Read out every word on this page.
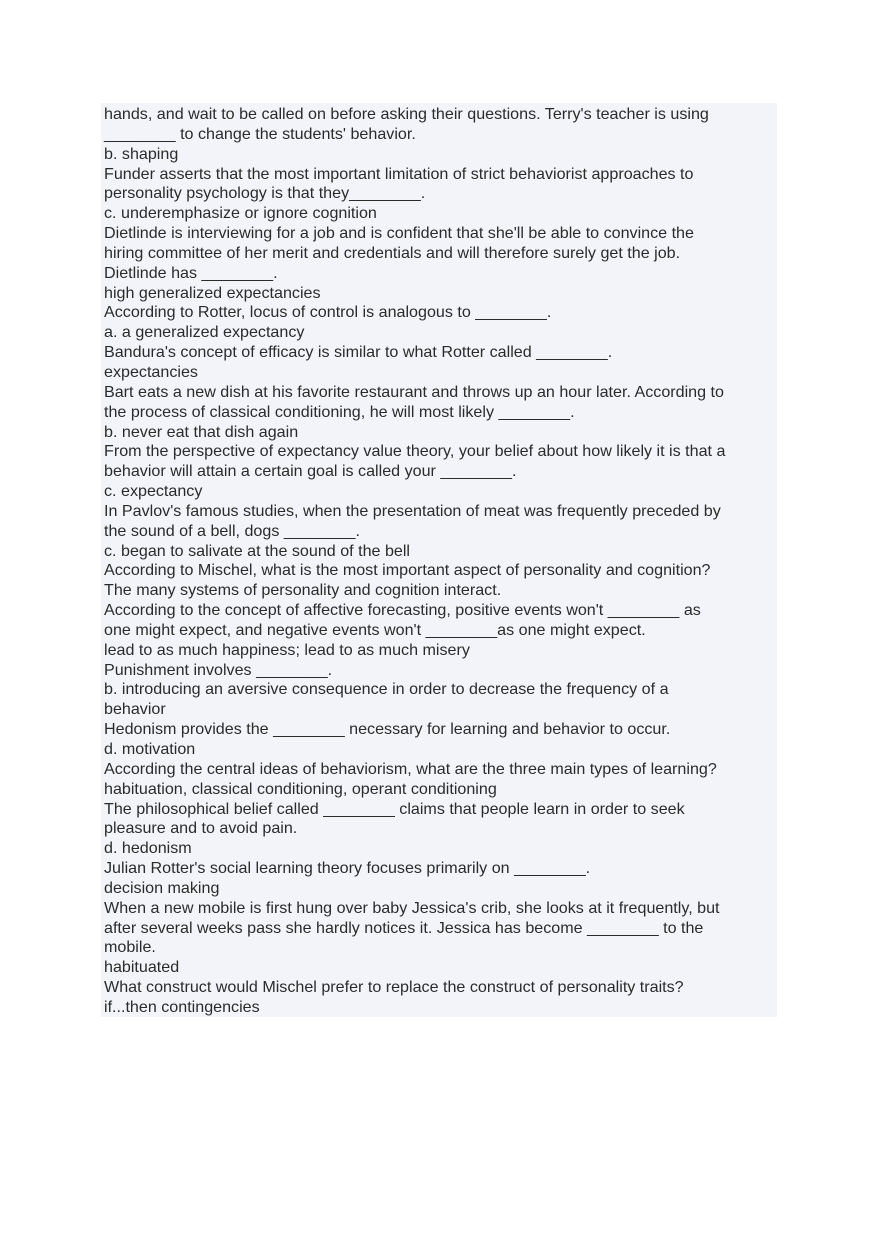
hands, and wait to be called on before asking their questions. Terry's teacher is using
________ to change the students' behavior.
b. shaping
Funder asserts that the most important limitation of strict behaviorist approaches to
personality psychology is that they________.
c. underemphasize or ignore cognition
Dietlinde is interviewing for a job and is confident that she'll be able to convince the
hiring committee of her merit and credentials and will therefore surely get the job.
Dietlinde has ________.
high generalized expectancies
According to Rotter, locus of control is analogous to ________.
a. a generalized expectancy
Bandura's concept of efficacy is similar to what Rotter called ________.
expectancies
Bart eats a new dish at his favorite restaurant and throws up an hour later. According to
the process of classical conditioning, he will most likely ________.
b. never eat that dish again
From the perspective of expectancy value theory, your belief about how likely it is that a
behavior will attain a certain goal is called your ________.
c. expectancy
In Pavlov's famous studies, when the presentation of meat was frequently preceded by
the sound of a bell, dogs ________.
c. began to salivate at the sound of the bell
According to Mischel, what is the most important aspect of personality and cognition?
The many systems of personality and cognition interact.
According to the concept of affective forecasting, positive events won't ________ as
one might expect, and negative events won't ________as one might expect.
lead to as much happiness; lead to as much misery
Punishment involves ________.
b. introducing an aversive consequence in order to decrease the frequency of a
behavior
Hedonism provides the ________ necessary for learning and behavior to occur.
d. motivation
According the central ideas of behaviorism, what are the three main types of learning?
habituation, classical conditioning, operant conditioning
The philosophical belief called ________ claims that people learn in order to seek
pleasure and to avoid pain.
d. hedonism
Julian Rotter's social learning theory focuses primarily on ________.
decision making
When a new mobile is first hung over baby Jessica's crib, she looks at it frequently, but
after several weeks pass she hardly notices it. Jessica has become ________ to the
mobile.
habituated
What construct would Mischel prefer to replace the construct of personality traits?
if...then contingencies
